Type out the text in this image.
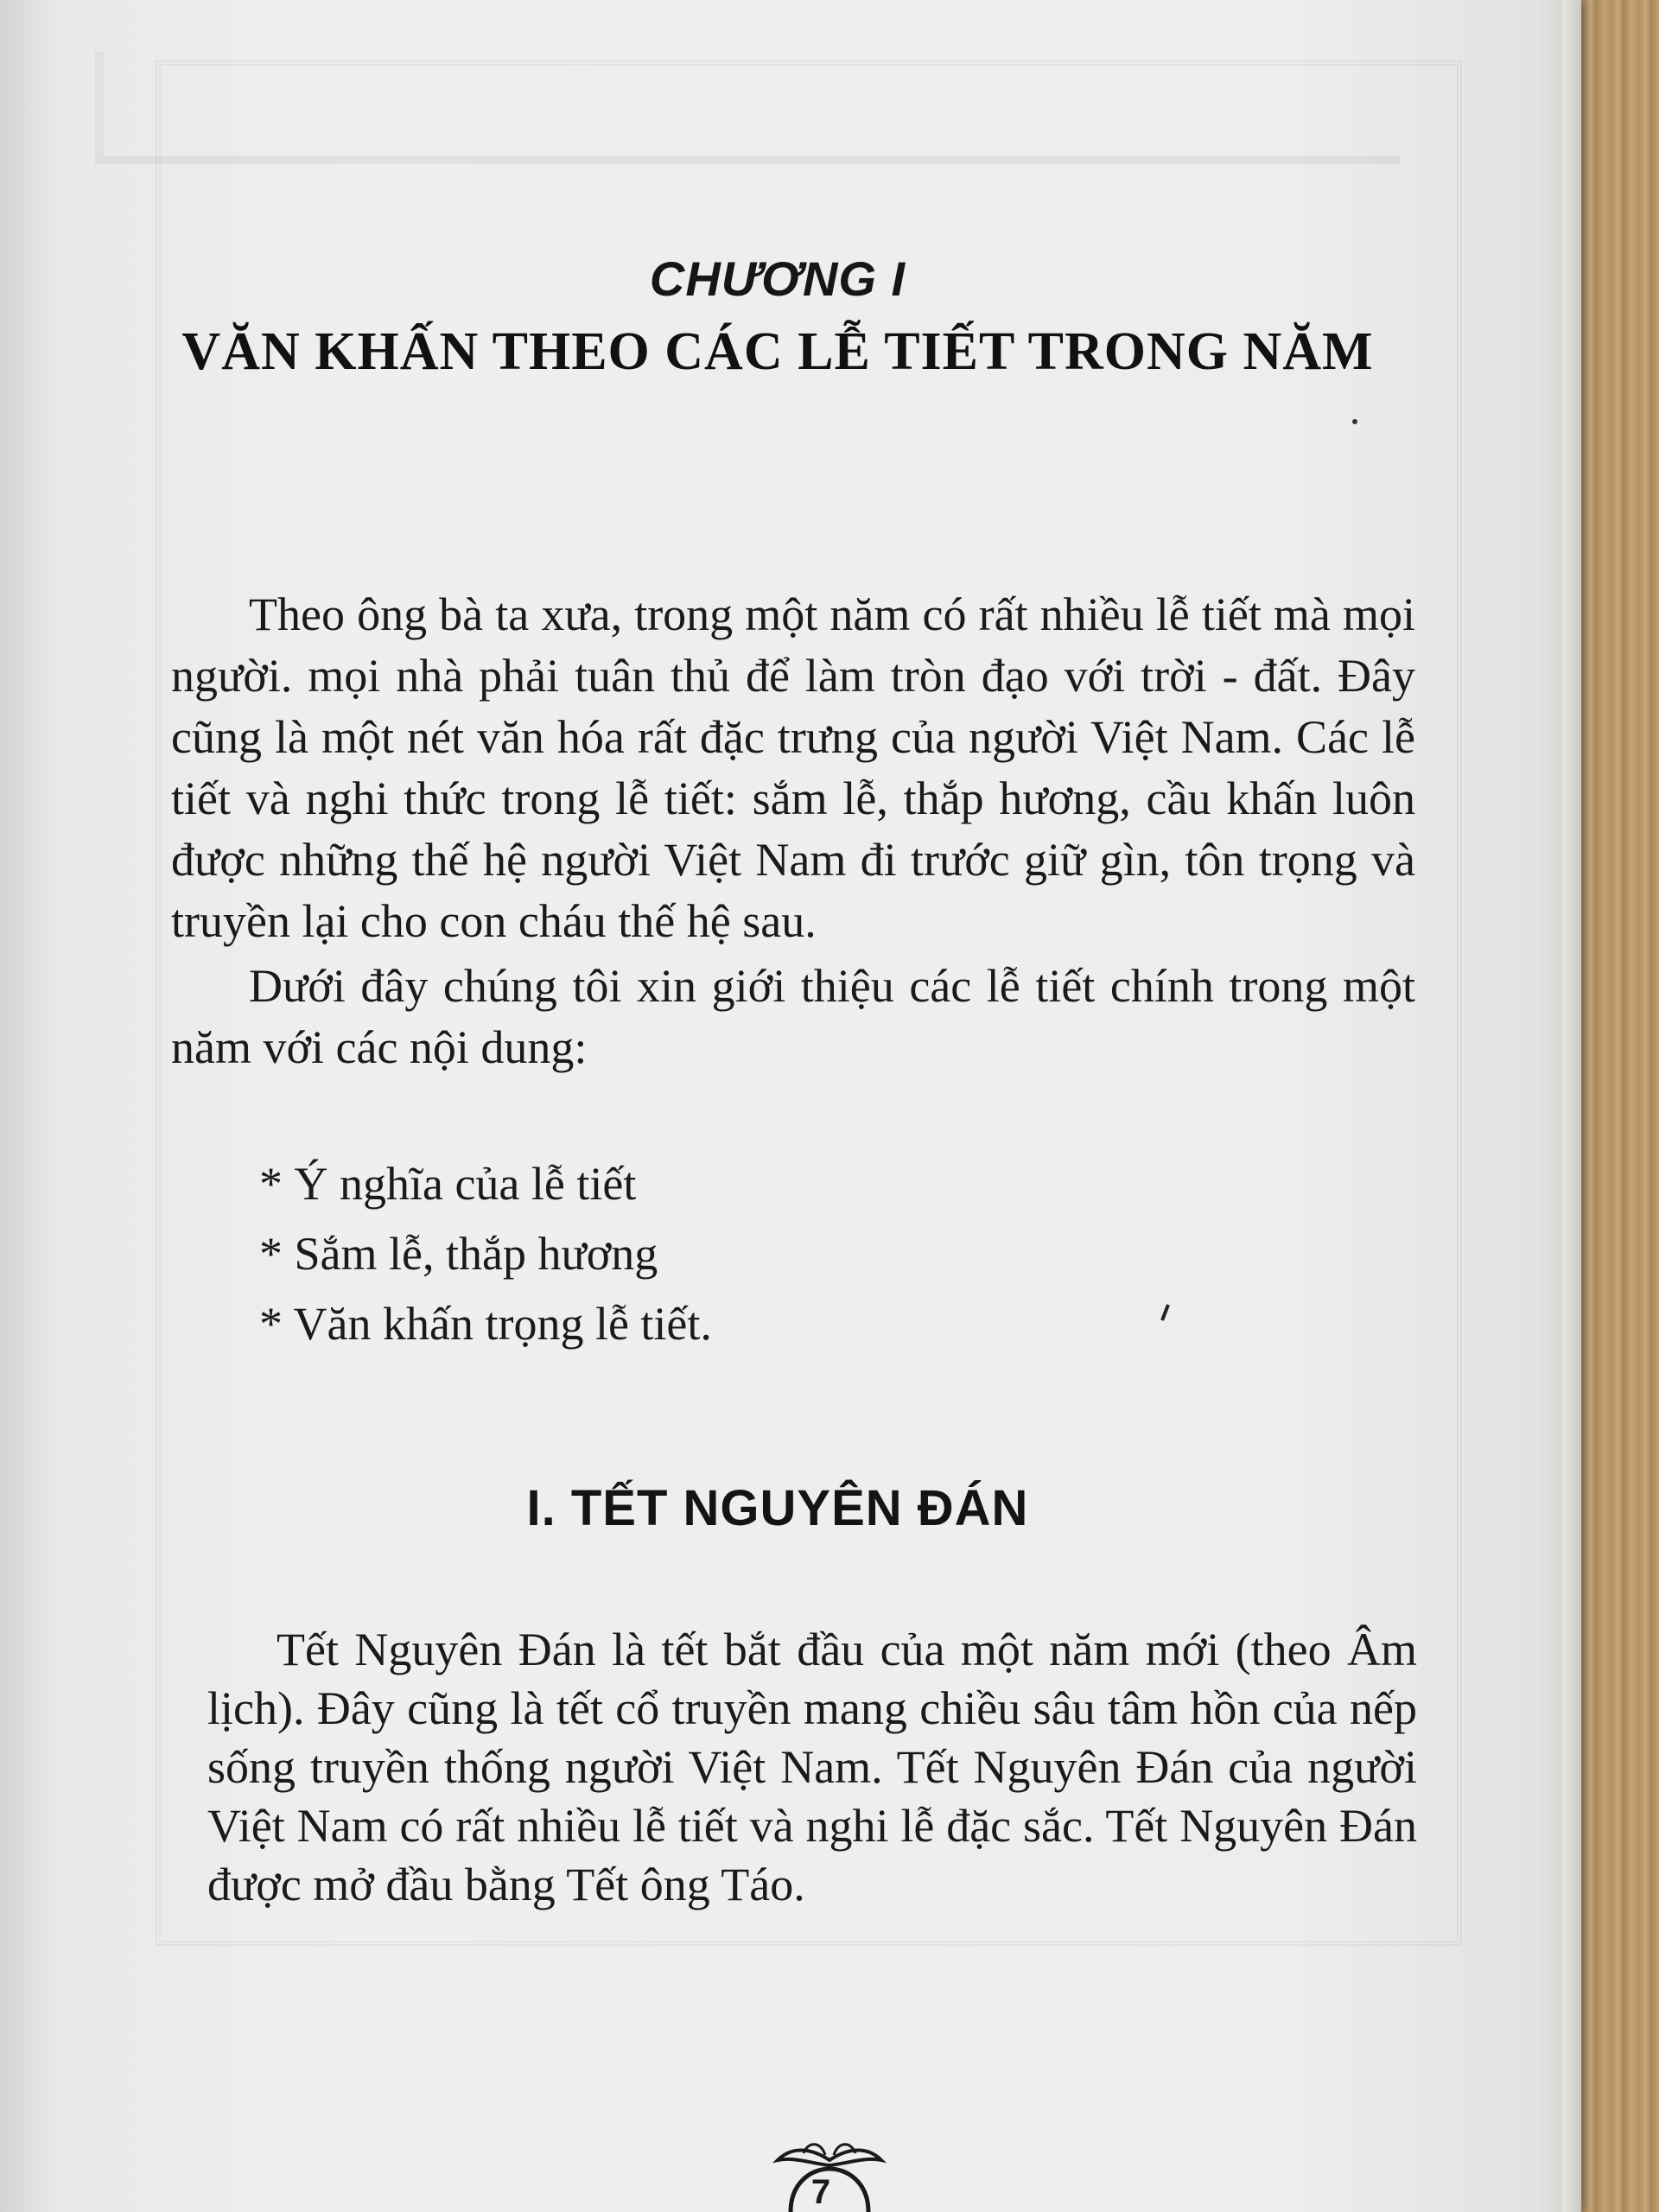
CHƯƠNG I
VĂN KHẤN THEO CÁC LỄ TIẾT TRONG NĂM

Theo ông bà ta xưa, trong một năm có rất nhiều lễ tiết mà mọi người. mọi nhà phải tuân thủ để làm tròn đạo với trời - đất. Đây cũng là một nét văn hóa rất đặc trưng của người Việt Nam. Các lễ tiết và nghi thức trong lễ tiết: sắm lễ, thắp hương, cầu khấn luôn được những thế hệ người Việt Nam đi trước giữ gìn, tôn trọng và truyền lại cho con cháu thế hệ sau.

Dưới đây chúng tôi xin giới thiệu các lễ tiết chính trong một năm với các nội dung:

* Ý nghĩa của lễ tiết
* Sắm lễ, thắp hương
* Văn khấn trọng lễ tiết.
I. TẾT NGUYÊN ĐÁN

Tết Nguyên Đán là tết bắt đầu của một năm mới (theo Âm lịch). Đây cũng là tết cổ truyền mang chiều sâu tâm hồn của nếp sống truyền thống người Việt Nam. Tết Nguyên Đán của người Việt Nam có rất nhiều lễ tiết và nghi lễ đặc sắc. Tết Nguyên Đán được mở đầu bằng Tết ông Táo.

7
